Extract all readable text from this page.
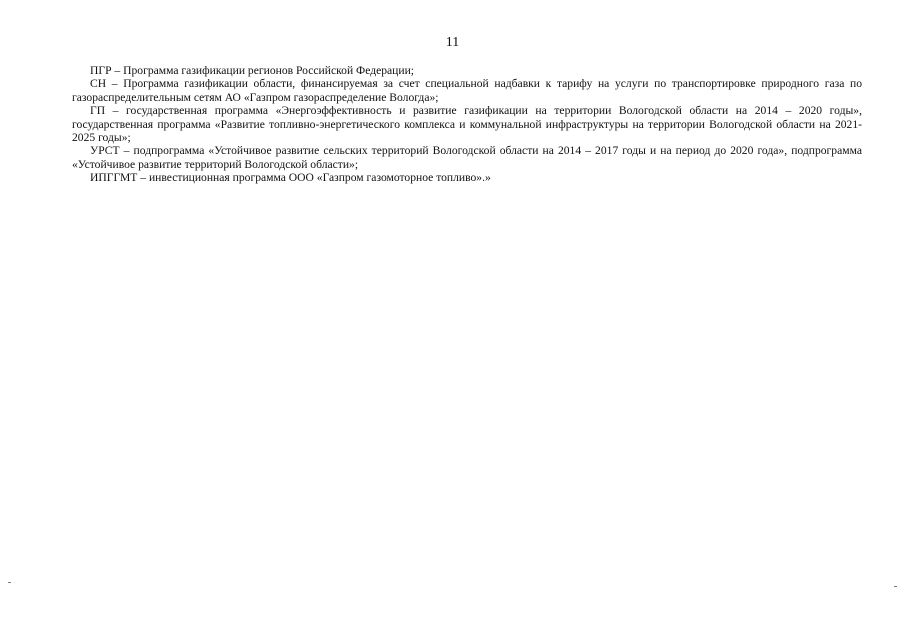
11

ПГР – Программа газификации регионов Российской Федерации;

СН – Программа газификации области, финансируемая за счет специальной надбавки к тарифу на услуги по транспортировке природного газа по газораспределительным сетям АО «Газпром газораспределение Вологда»;

ГП – государственная программа «Энергоэффективность и развитие газификации на территории Вологодской области на 2014 – 2020 годы», государственная программа «Развитие топливно-энергетического комплекса и коммунальной инфраструктуры на территории Вологодской области на 2021-2025 годы»;

УРСТ – подпрограмма «Устойчивое развитие сельских территорий Вологодской области на 2014 – 2017 годы и на период до 2020 года», подпрограмма «Устойчивое развитие территорий Вологодской области»;

ИПГГМТ – инвестиционная программа ООО «Газпром газомоторное топливо».»
